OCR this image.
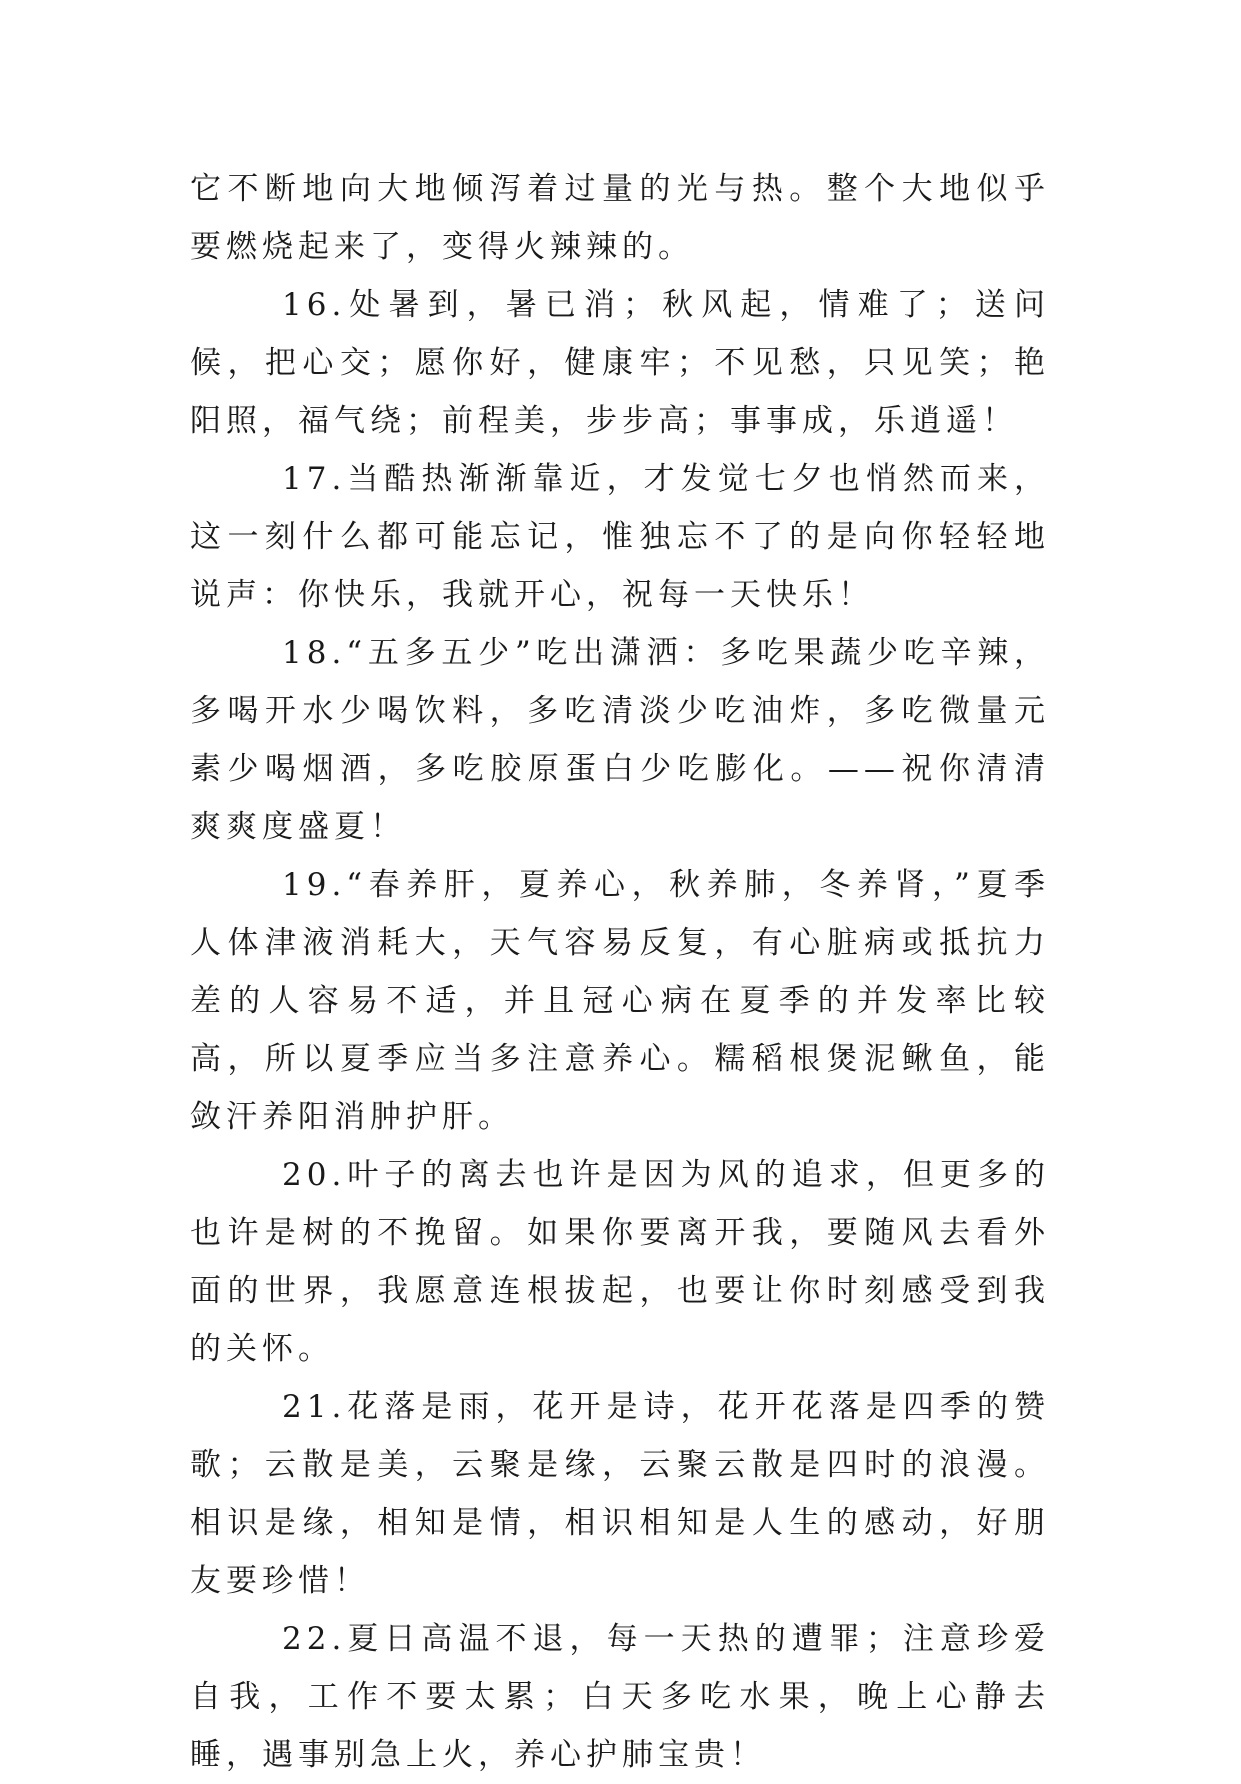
它不断地向大地倾泻着过量的光与热。整个大地似乎要燃烧起来了，变得火辣辣的。

16.处暑到，暑已消；秋风起，情难了；送问候，把心交；愿你好，健康牢；不见愁，只见笑；艳阳照，福气绕；前程美，步步高；事事成，乐逍遥！

17.当酷热渐渐靠近，才发觉七夕也悄然而来，这一刻什么都可能忘记，惟独忘不了的是向你轻轻地说声：你快乐，我就开心，祝每一天快乐！

18.“五多五少”吃出潇洒：多吃果蔬少吃辛辣，多喝开水少喝饮料，多吃清淡少吃油炸，多吃微量元素少喝烟酒，多吃胶原蛋白少吃膨化。——祝你清清爽爽度盛夏！

19.“春养肝，夏养心，秋养肺，冬养肾，”夏季人体津液消耗大，天气容易反复，有心脏病或抵抗力差的人容易不适，并且冠心病在夏季的并发率比较高，所以夏季应当多注意养心。糯稻根煲泥鳅鱼，能敛汗养阳消肿护肝。

20.叶子的离去也许是因为风的追求，但更多的也许是树的不挽留。如果你要离开我，要随风去看外面的世界，我愿意连根拔起，也要让你时刻感受到我的关怀。

21.花落是雨，花开是诗，花开花落是四季的赞歌；云散是美，云聚是缘，云聚云散是四时的浪漫。相识是缘，相知是情，相识相知是人生的感动，好朋友要珍惜！

22.夏日高温不退，每一天热的遭罪；注意珍爱自我，工作不要太累；白天多吃水果，晚上心静去睡，遇事别急上火，养心护肺宝贵！
